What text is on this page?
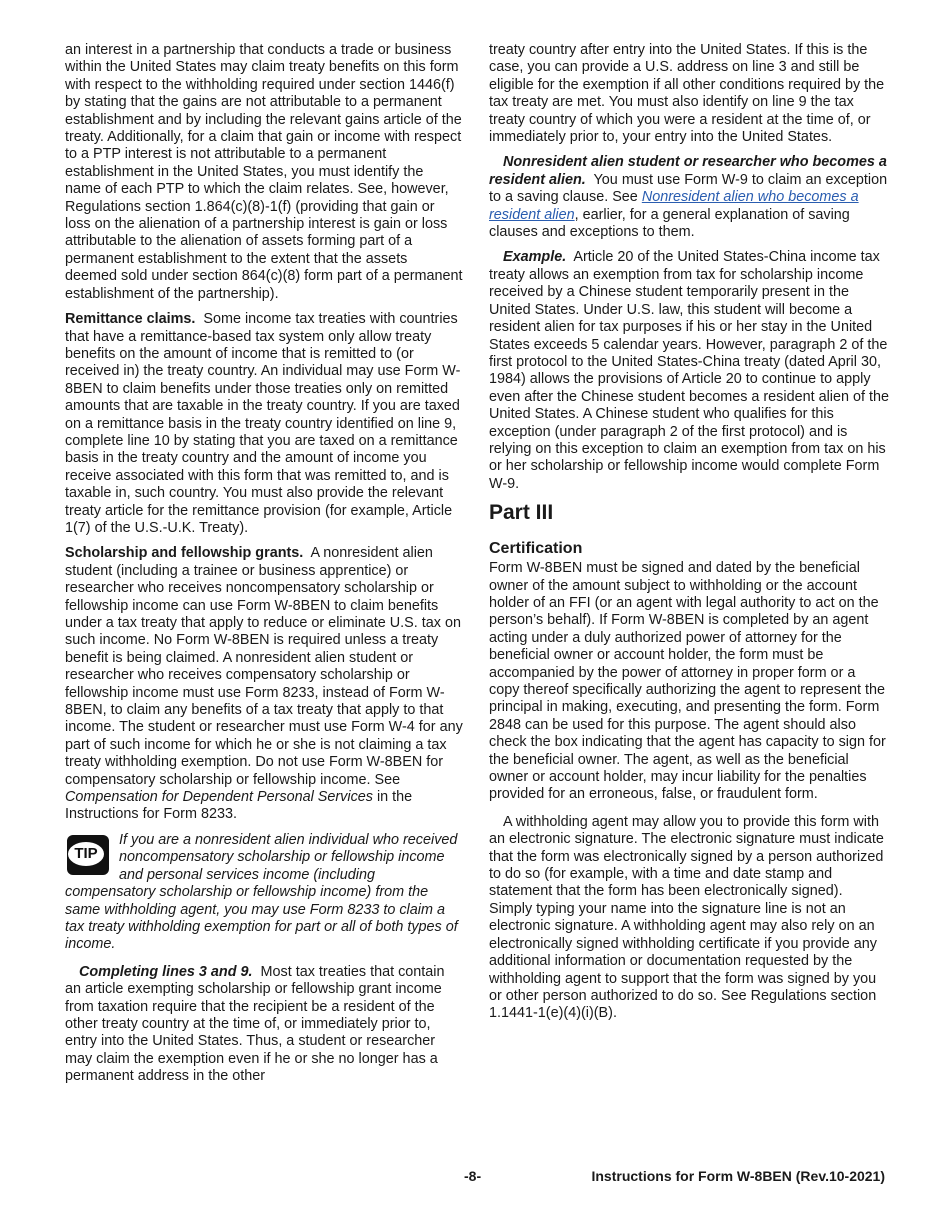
an interest in a partnership that conducts a trade or business within the United States may claim treaty benefits on this form with respect to the withholding required under section 1446(f) by stating that the gains are not attributable to a permanent establishment and by including the relevant gains article of the treaty. Additionally, for a claim that gain or income with respect to a PTP interest is not attributable to a permanent establishment in the United States, you must identify the name of each PTP to which the claim relates. See, however, Regulations section 1.864(c)(8)-1(f) (providing that gain or loss on the alienation of a partnership interest is gain or loss attributable to the alienation of assets forming part of a permanent establishment to the extent that the assets deemed sold under section 864(c)(8) form part of a permanent establishment of the partnership).

Remittance claims. Some income tax treaties with countries that have a remittance-based tax system only allow treaty benefits on the amount of income that is remitted to (or received in) the treaty country. An individual may use Form W-8BEN to claim benefits under those treaties only on remitted amounts that are taxable in the treaty country. If you are taxed on a remittance basis in the treaty country identified on line 9, complete line 10 by stating that you are taxed on a remittance basis in the treaty country and the amount of income you receive associated with this form that was remitted to, and is taxable in, such country. You must also provide the relevant treaty article for the remittance provision (for example, Article 1(7) of the U.S.-U.K. Treaty).

Scholarship and fellowship grants. A nonresident alien student (including a trainee or business apprentice) or researcher who receives noncompensatory scholarship or fellowship income can use Form W-8BEN to claim benefits under a tax treaty that apply to reduce or eliminate U.S. tax on such income. No Form W-8BEN is required unless a treaty benefit is being claimed. A nonresident alien student or researcher who receives compensatory scholarship or fellowship income must use Form 8233, instead of Form W-8BEN, to claim any benefits of a tax treaty that apply to that income. The student or researcher must use Form W-4 for any part of such income for which he or she is not claiming a tax treaty withholding exemption. Do not use Form W-8BEN for compensatory scholarship or fellowship income. See Compensation for Dependent Personal Services in the Instructions for Form 8233.

TIP
If you are a nonresident alien individual who received noncompensatory scholarship or fellowship income and personal services income (including compensatory scholarship or fellowship income) from the same withholding agent, you may use Form 8233 to claim a tax treaty withholding exemption for part or all of both types of income.

Completing lines 3 and 9. Most tax treaties that contain an article exempting scholarship or fellowship grant income from taxation require that the recipient be a resident of the other treaty country at the time of, or immediately prior to, entry into the United States. Thus, a student or researcher may claim the exemption even if he or she no longer has a permanent address in the other

treaty country after entry into the United States. If this is the case, you can provide a U.S. address on line 3 and still be eligible for the exemption if all other conditions required by the tax treaty are met. You must also identify on line 9 the tax treaty country of which you were a resident at the time of, or immediately prior to, your entry into the United States.

Nonresident alien student or researcher who becomes a resident alien. You must use Form W-9 to claim an exception to a saving clause. See Nonresident alien who becomes a resident alien, earlier, for a general explanation of saving clauses and exceptions to them.

Example. Article 20 of the United States-China income tax treaty allows an exemption from tax for scholarship income received by a Chinese student temporarily present in the United States. Under U.S. law, this student will become a resident alien for tax purposes if his or her stay in the United States exceeds 5 calendar years. However, paragraph 2 of the first protocol to the United States-China treaty (dated April 30, 1984) allows the provisions of Article 20 to continue to apply even after the Chinese student becomes a resident alien of the United States. A Chinese student who qualifies for this exception (under paragraph 2 of the first protocol) and is relying on this exception to claim an exemption from tax on his or her scholarship or fellowship income would complete Form W-9.

Part III
Certification

Form W-8BEN must be signed and dated by the beneficial owner of the amount subject to withholding or the account holder of an FFI (or an agent with legal authority to act on the person’s behalf). If Form W-8BEN is completed by an agent acting under a duly authorized power of attorney for the beneficial owner or account holder, the form must be accompanied by the power of attorney in proper form or a copy thereof specifically authorizing the agent to represent the principal in making, executing, and presenting the form. Form 2848 can be used for this purpose. The agent should also check the box indicating that the agent has capacity to sign for the beneficial owner. The agent, as well as the beneficial owner or account holder, may incur liability for the penalties provided for an erroneous, false, or fraudulent form.

A withholding agent may allow you to provide this form with an electronic signature. The electronic signature must indicate that the form was electronically signed by a person authorized to do so (for example, with a time and date stamp and statement that the form has been electronically signed). Simply typing your name into the signature line is not an electronic signature. A withholding agent may also rely on an electronically signed withholding certificate if you provide any additional information or documentation requested by the withholding agent to support that the form was signed by you or other person authorized to do so. See Regulations section 1.1441-1(e)(4)(i)(B).

-8-	Instructions for Form W-8BEN (Rev.10-2021)
